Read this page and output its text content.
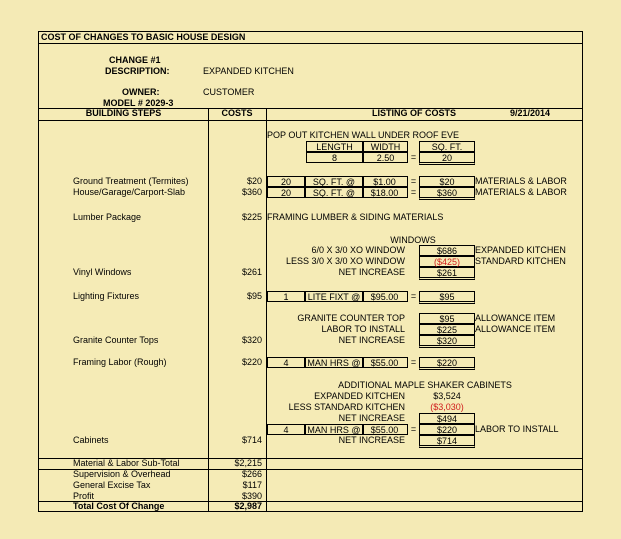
COST OF CHANGES TO BASIC HOUSE DESIGN
CHANGE #1
DESCRIPTION:	EXPANDED KITCHEN
OWNER:	CUSTOMER
MODEL # 2029-3
BUILDING STEPS	COSTS	LISTING OF COSTS	9/21/2014
POP OUT KITCHEN WALL UNDER ROOF EVE
LENGTH	WIDTH	SQ. FT.
8	2.50	=	20
Ground Treatment (Termites)	$20	20	SQ. FT. @	$1.00	=	$20	MATERIALS & LABOR
House/Garage/Carport-Slab	$360	20	SQ. FT. @	$18.00	=	$360	MATERIALS & LABOR
Lumber Package	$225 FRAMING LUMBER & SIDING MATERIALS
WINDOWS
6/0 X 3/0 XO WINDOW	$686	EXPANDED KITCHEN
LESS 3/0 X 3/0 XO WINDOW	($425)	STANDARD KITCHEN
NET INCREASE	$261
Vinyl Windows	$261
Lighting Fixtures	$95	1	LITE FIXT @	$95.00	=	$95
GRANITE COUNTER TOP	$95	ALLOWANCE ITEM
LABOR TO INSTALL	$225	ALLOWANCE ITEM
NET INCREASE	$320
Granite Counter Tops	$320
Framing Labor (Rough)	$220	4	MAN HRS @	$55.00	=	$220
ADDITIONAL MAPLE SHAKER CABINETS
EXPANDED KITCHEN	$3,524
LESS STANDARD KITCHEN	($3,030)
NET INCREASE	$494
4	MAN HRS @	$55.00	=	$220	LABOR TO INSTALL
NET INCREASE	$714
Cabinets	$714
Material & Labor Sub-Total	$2,215
Supervision & Overhead	$266
General Excise Tax	$117
Profit	$390
Total Cost Of Change	$2,987
